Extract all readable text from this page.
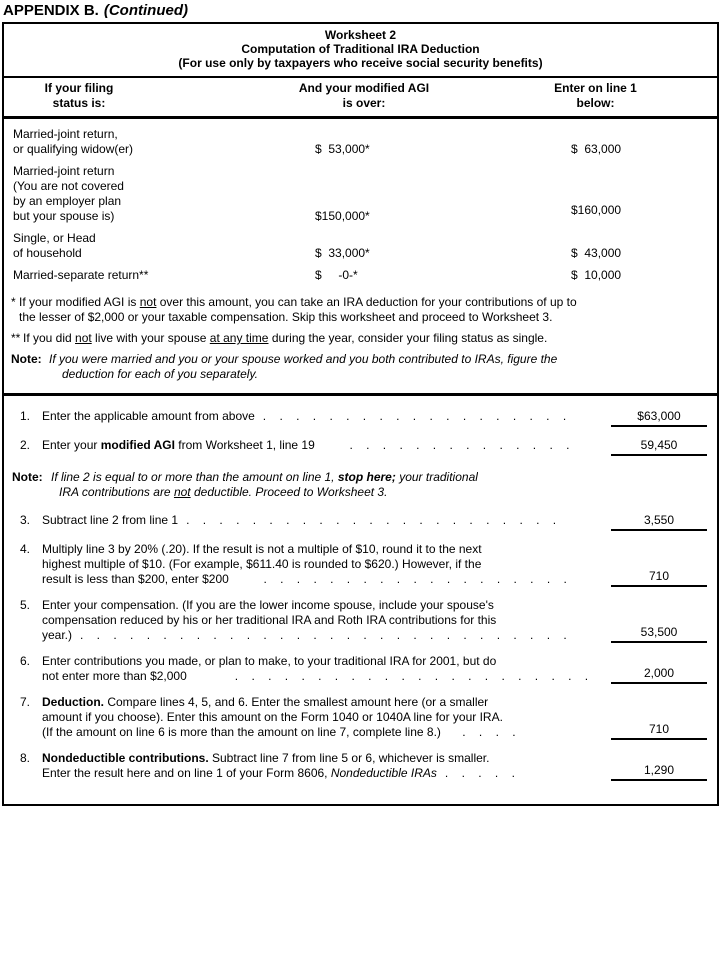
APPENDIX B. (Continued)
Worksheet 2
Computation of Traditional IRA Deduction
(For use only by taxpayers who receive social security benefits)
If your filing
status is:
And your modified AGI
is over:
Enter on line 1
below:
Married-joint return,
or qualifying widow(er)	$  53,000*	$  63,000
Married-joint return
(You are not covered
by an employer plan
but your spouse is)	$150,000*	$160,000
Single, or Head
of household	$  33,000*	$  43,000
Married-separate return**	$     -0-*	$  10,000
* If your modified AGI is not over this amount, you can take an IRA deduction for your contributions of up to
the lesser of $2,000 or your taxable compensation. Skip this worksheet and proceed to Worksheet 3.
** If you did not live with your spouse at any time during the year, consider your filing status as single.
Note: If you were married and you or your spouse worked and you both contributed to IRAs, figure the
deduction for each of you separately.
1. Enter the applicable amount from above . . . . . . . . . . . . . . . . . . .	$63,000
2. Enter your modified AGI from Worksheet 1, line 19 . . . . . . . . . . . . . .	59,450
Note: If line 2 is equal to or more than the amount on line 1, stop here; your traditional
IRA contributions are not deductible. Proceed to Worksheet 3.
3. Subtract line 2 from line 1 . . . . . . . . . . . . . . . . . . . . . . .	3,550
4. Multiply line 3 by 20% (.20). If the result is not a multiple of $10, round it to the next
highest multiple of $10. (For example, $611.40 is rounded to $620.) However, if the
result is less than $200, enter $200 . . . . . . . . . . . . . . . . . . .	710
5. Enter your compensation. (If you are the lower income spouse, include your spouse's
compensation reduced by his or her traditional IRA and Roth IRA contributions for this
year.) . . . . . . . . . . . . . . . . . . . . . . . . . . . . . .	53,500
6. Enter contributions you made, or plan to make, to your traditional IRA for 2001, but do
not enter more than $2,000 . . . . . . . . . . . . . . . . . . . . . .	2,000
7. Deduction. Compare lines 4, 5, and 6. Enter the smallest amount here (or a smaller
amount if you choose). Enter this amount on the Form 1040 or 1040A line for your IRA.
(If the amount on line 6 is more than the amount on line 7, complete line 8.) . . . .	710
8. Nondeductible contributions. Subtract line 7 from line 5 or 6, whichever is smaller.
Enter the result here and on line 1 of your Form 8606, Nondeductible IRAs . . . . .	1,290
